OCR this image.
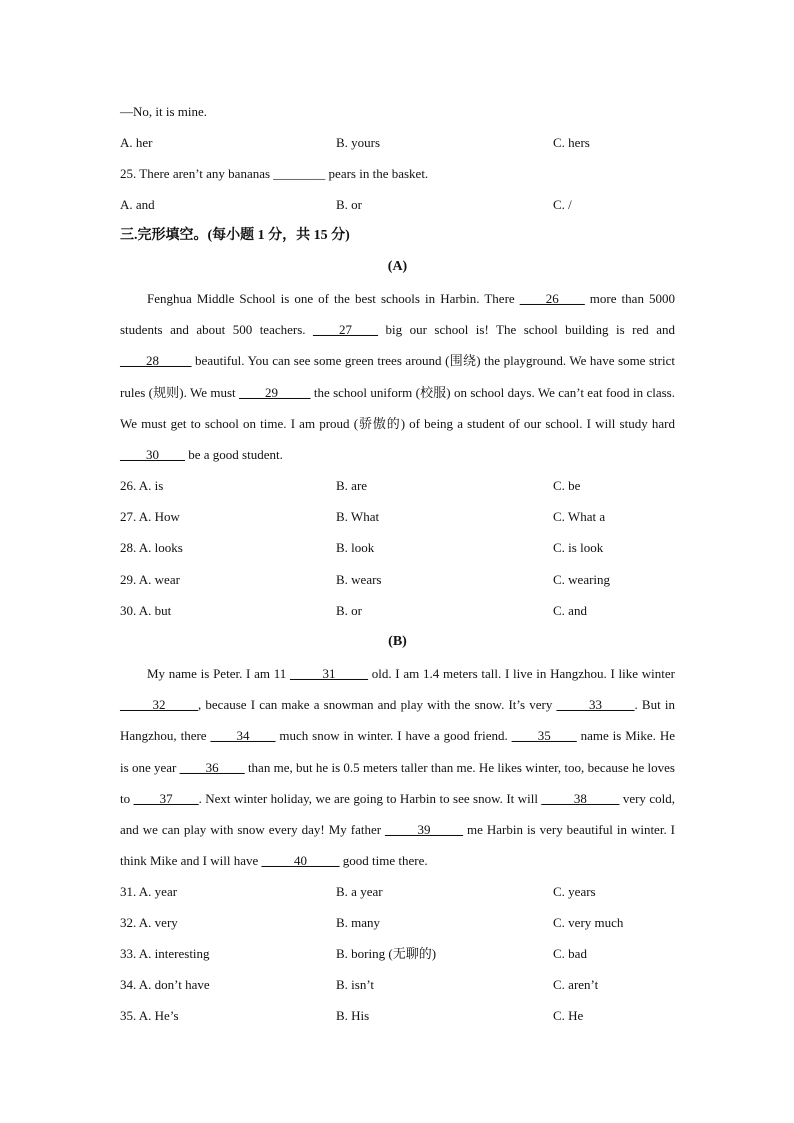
—No, it is mine.
A. her	B. yours	C. hers
25. There aren’t any bananas ________ pears in the basket.
A. and	B. or	C. /
三.完形填空。(每小题 1 分，共 15 分)
(A)

Fenghua Middle School is one of the best schools in Harbin. There ____26____ more than 5000 students and about 500 teachers. ____27____ big our school is! The school building is red and ____28_____ beautiful. You can see some green trees around (围绕) the playground. We have some strict rules (规则). We must ____29_____ the school uniform (校服) on school days. We can’t eat food in class. We must get to school on time. I am proud (骄傲的) of being a student of our school. I will study hard ____30____ be a good student.

26. A. is	B. are	C. be
27. A. How	B. What	C. What a
28. A. looks	B. look	C. is look
29. A. wear	B. wears	C. wearing
30. A. but	B. or	C. and
(B)

My name is Peter. I am 11 _____31_____ old. I am 1.4 meters tall. I live in Hangzhou. I like winter _____32_____, because I can make a snowman and play with the snow. It’s very _____33_____. But in Hangzhou, there ____34____ much snow in winter. I have a good friend. ____35____ name is Mike. He is one year ____36____ than me, but he is 0.5 meters taller than me. He likes winter, too, because he loves to ____37____. Next winter holiday, we are going to Harbin to see snow. It will _____38_____ very cold, and we can play with snow every day! My father _____39_____ me Harbin is very beautiful in winter. I think Mike and I will have _____40_____ good time there.

31. A. year	B. a year	C. years
32. A. very	B. many	C. very much
33. A. interesting	B. boring (无聊的)	C. bad
34. A. don’t have	B. isn’t	C. aren’t
35. A. He’s	B. His	C. He
